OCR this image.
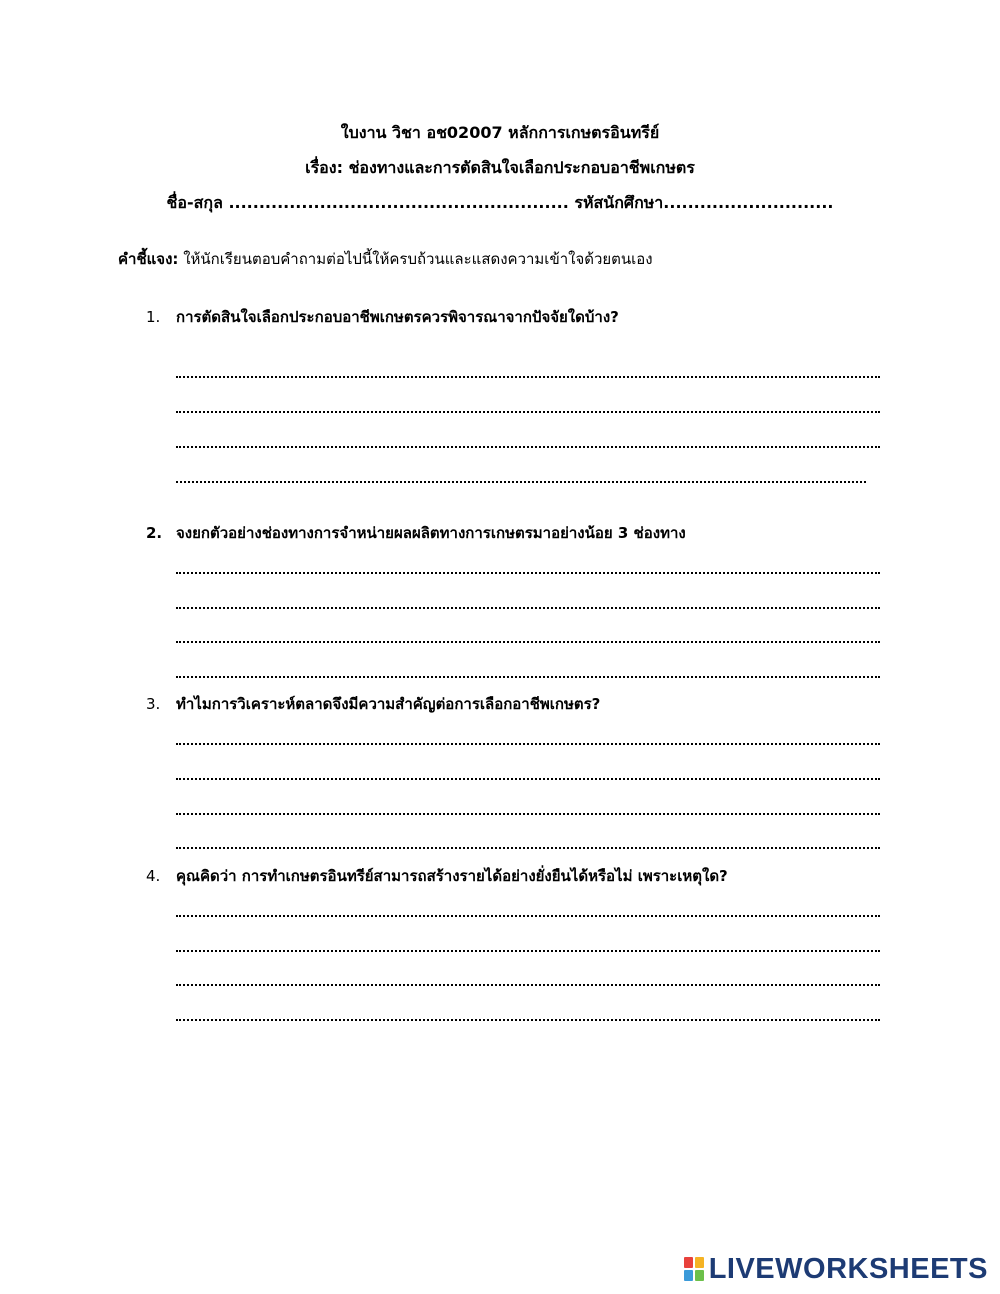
ใบงาน วิชา อช02007 หลักการเกษตรอินทรีย์
เรื่อง: ช่องทางและการตัดสินใจเลือกประกอบอาชีพเกษตร
ชื่อ-สกุล ........................................................ รหัสนักศึกษา............................
คำชี้แจง: ให้นักเรียนตอบคำถามต่อไปนี้ให้ครบถ้วนและแสดงความเข้าใจด้วยตนเอง
1. การตัดสินใจเลือกประกอบอาชีพเกษตรควรพิจารณาจากปัจจัยใดบ้าง?
2. จงยกตัวอย่างช่องทางการจำหน่ายผลผลิตทางการเกษตรมาอย่างน้อย 3 ช่องทาง
3. ทำไมการวิเคราะห์ตลาดจึงมีความสำคัญต่อการเลือกอาชีพเกษตร?
4. คุณคิดว่า การทำเกษตรอินทรีย์สามารถสร้างรายได้อย่างยั่งยืนได้หรือไม่ เพราะเหตุใด?
LIVEWORKSHEETS
